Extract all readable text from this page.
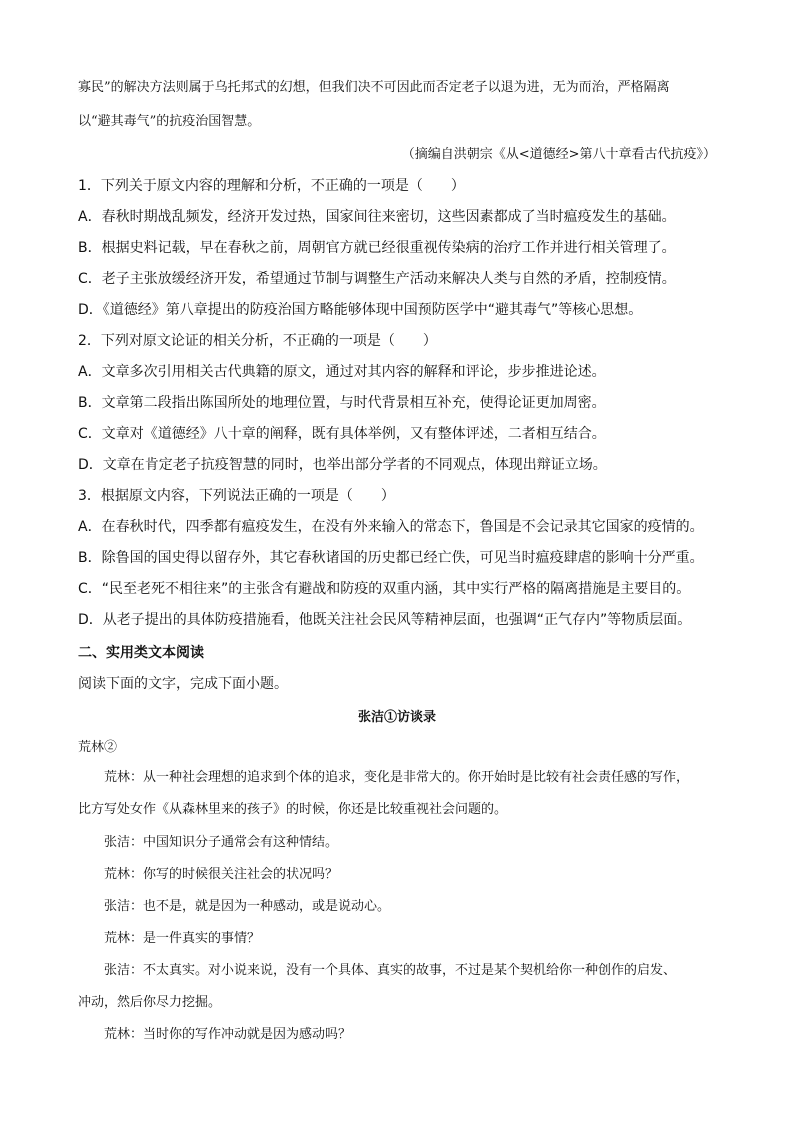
寡民”的解决方法则属于乌托邦式的幻想，但我们决不可因此而否定老子以退为进，无为而治，严格隔离
以“避其毒气”的抗疫治国智慧。
（摘编自洪朝宗《从<道德经>第八十章看古代抗疫》）
1．下列关于原文内容的理解和分析，不正确的一项是（　　）
A．春秋时期战乱频发，经济开发过热，国家间往来密切，这些因素都成了当时瘟疫发生的基础。
B．根据史料记载，早在春秋之前，周朝官方就已经很重视传染病的治疗工作并进行相关管理了。
C．老子主张放缓经济开发，希望通过节制与调整生产活动来解决人类与自然的矛盾，控制疫情。
D．《道德经》第八章提出的防疫治国方略能够体现中国预防医学中“避其毒气”等核心思想。
2．下列对原文论证的相关分析，不正确的一项是（　　）
A．文章多次引用相关古代典籍的原文，通过对其内容的解释和评论，步步推进论述。
B．文章第二段指出陈国所处的地理位置，与时代背景相互补充，使得论证更加周密。
C．文章对《道德经》八十章的阐释，既有具体举例，又有整体评述，二者相互结合。
D．文章在肯定老子抗疫智慧的同时，也举出部分学者的不同观点，体现出辩证立场。
3．根据原文内容，下列说法正确的一项是（　　）
A．在春秋时代，四季都有瘟疫发生，在没有外来输入的常态下，鲁国是不会记录其它国家的疫情的。
B．除鲁国的国史得以留存外，其它春秋诸国的历史都已经亡佚，可见当时瘟疫肆虐的影响十分严重。
C．“民至老死不相往来”的主张含有避战和防疫的双重内涵，其中实行严格的隔离措施是主要目的。
D．从老子提出的具体防疫措施看，他既关注社会民风等精神层面，也强调“正气存内”等物质层面。
二、实用类文本阅读
阅读下面的文字，完成下面小题。
张洁①访谈录
荒林②
荒林：从一种社会理想的追求到个体的追求，变化是非常大的。你开始时是比较有社会责任感的写作，
比方写处女作《从森林里来的孩子》的时候，你还是比较重视社会问题的。
张洁：中国知识分子通常会有这种情结。
荒林：你写的时候很关注社会的状况吗？
张洁：也不是，就是因为一种感动，或是说动心。
荒林：是一件真实的事情？
张洁：不太真实。对小说来说，没有一个具体、真实的故事，不过是某个契机给你一种创作的启发、
冲动，然后你尽力挖掘。
荒林：当时你的写作冲动就是因为感动吗？
